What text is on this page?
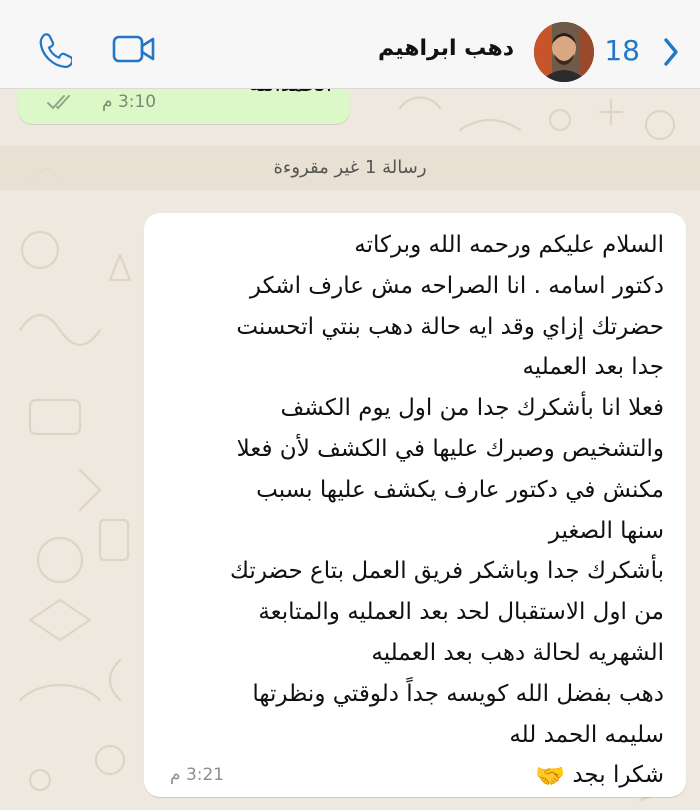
18
دهب ابراهيم
3:10 م
رسالة 1 غير مقروءة
السلام عليكم ورحمه الله وبركاته
دكتور اسامه . انا الصراحه مش عارف اشكر
حضرتك إزاي وقد ايه حالة دهب بنتي اتحسنت
جدا بعد العمليه
فعلا انا بأشكرك جدا من اول يوم الكشف
والتشخيص وصبرك عليها في الكشف لأن فعلا
مكنش في دكتور عارف يكشف عليها بسبب
سنها الصغير
بأشكرك جدا وباشكر فريق العمل بتاع حضرتك
من اول الاستقبال لحد بعد العمليه والمتابعة
الشهريه لحالة دهب بعد العمليه
دهب بفضل الله كويسه جداً دلوقتي ونظرتها
سليمه الحمد لله
شكرا بجد 🤝
3:21 م
